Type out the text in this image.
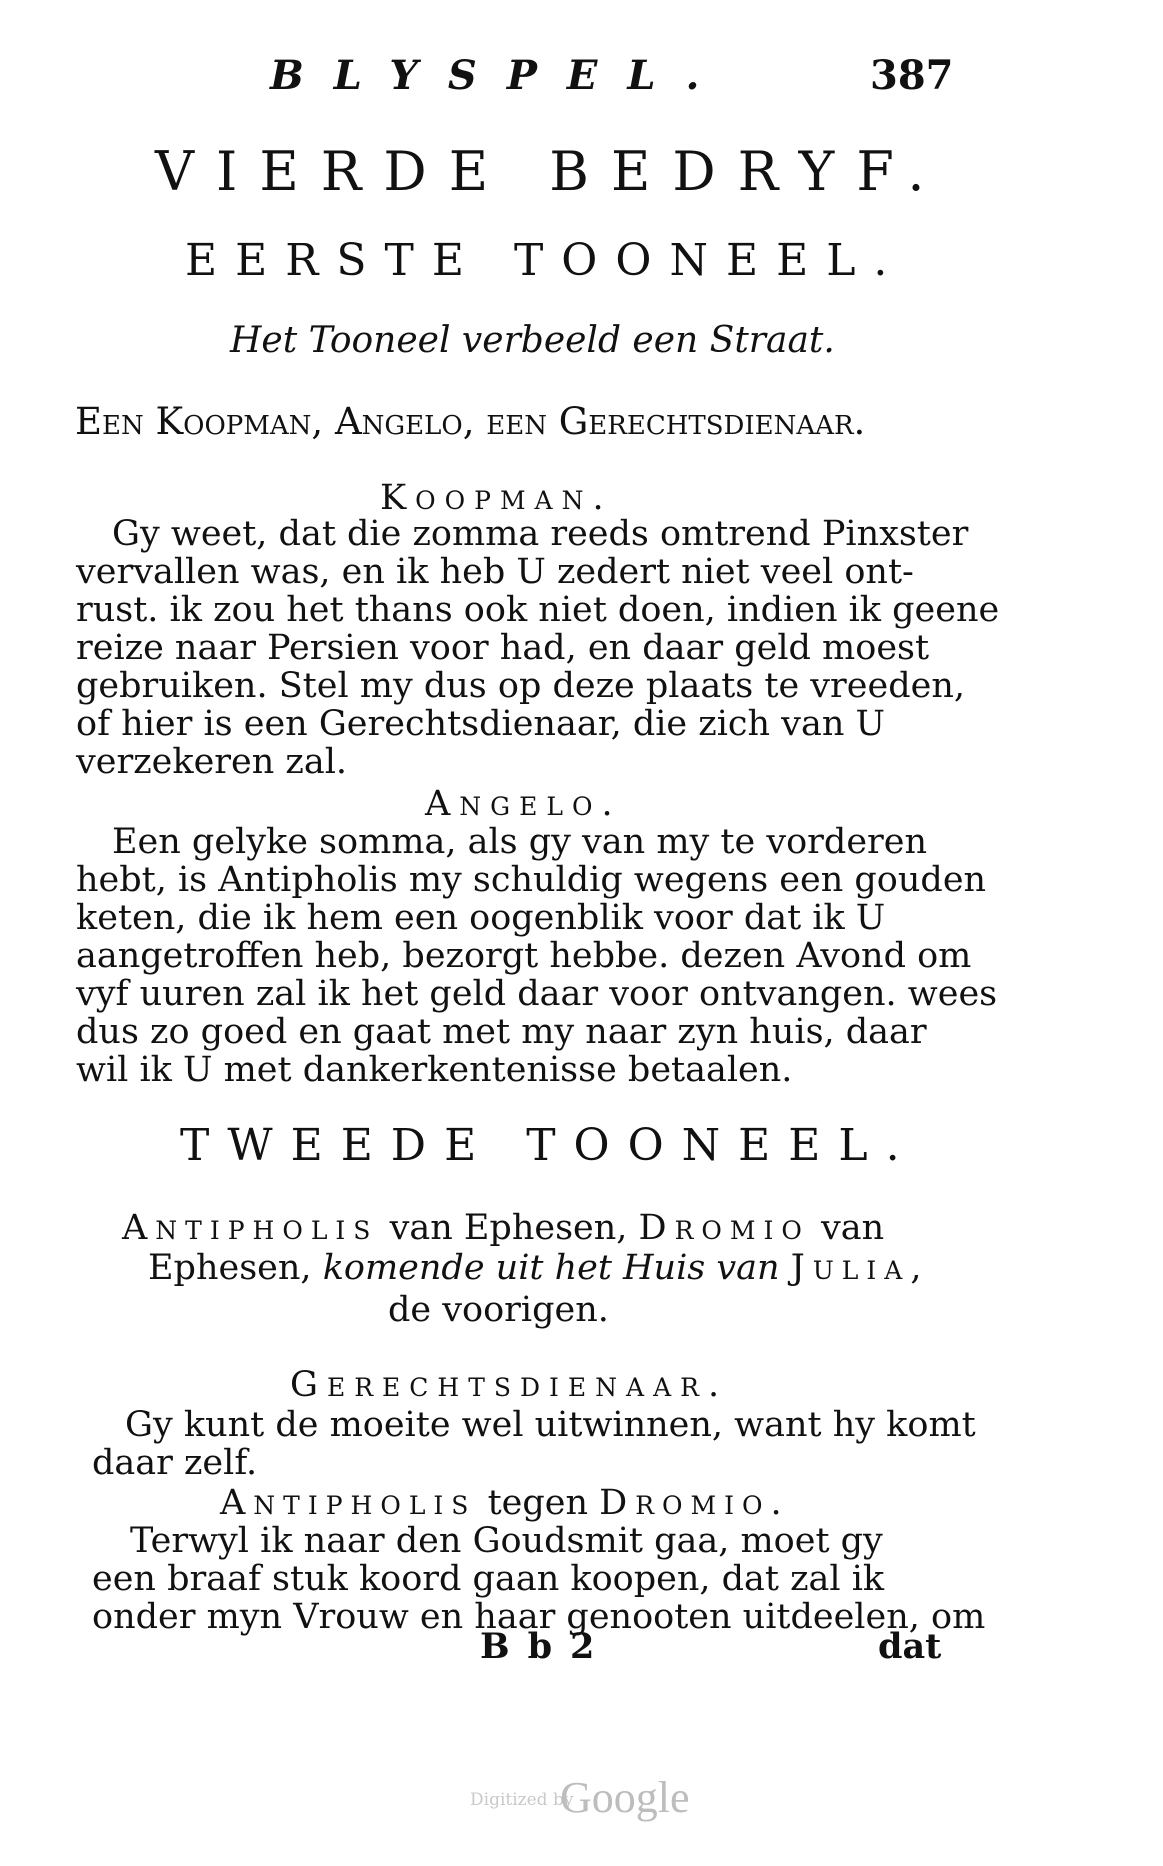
BLYSPEL.	387
VIERDE BEDRYF.
EERSTE TOONEEL.
Het Tooneel verbeeld een Straat.
Een Koopman, Angelo, een Gerechtsdienaar.
Koopman.
Gy weet, dat die zomma reeds omtrend Pinxster
vervallen was, en ik heb U zedert niet veel ont-
rust. ik zou het thans ook niet doen, indien ik geene
reize naar Persien voor had, en daar geld moest
gebruiken. Stel my dus op deze plaats te vreeden,
of hier is een Gerechtsdienaar, die zich van U
verzekeren zal.
Angelo.
Een gelyke somma, als gy van my te vorderen
hebt, is Antipholis my schuldig wegens een gouden
keten, die ik hem een oogenblik voor dat ik U
aangetroffen heb, bezorgt hebbe. dezen Avond om
vyf uuren zal ik het geld daar voor ontvangen. wees
dus zo goed en gaat met my naar zyn huis, daar
wil ik U met dankerkentenisse betaalen.
TWEEDE TOONEEL.
Antipholis van Ephesen, Dromio van
Ephesen, komende uit het Huis van Julia,
de voorigen.
Gerechtsdienaar.
Gy kunt de moeite wel uitwinnen, want hy komt
daar zelf.
Antipholis tegen Dromio.
Terwyl ik naar den Goudsmit gaa, moet gy
een braaf stuk koord gaan koopen, dat zal ik
onder myn Vrouw en haar genooten uitdeelen, om
Bb2	dat
Digitized by
Google
